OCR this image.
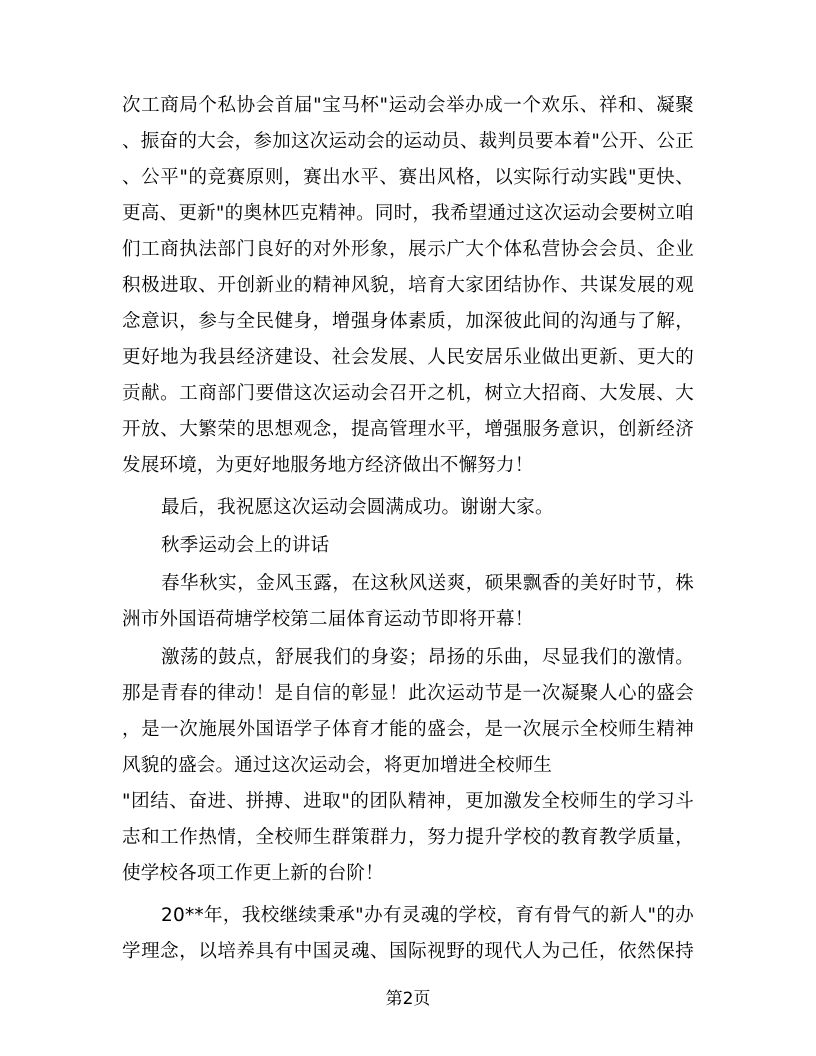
次工商局个私协会首届"宝马杯"运动会举办成一个欢乐、祥和、凝聚
、振奋的大会，参加这次运动会的运动员、裁判员要本着"公开、公正
、公平"的竞赛原则，赛出水平、赛出风格，以实际行动实践"更快、
更高、更新"的奥林匹克精神。同时，我希望通过这次运动会要树立咱
们工商执法部门良好的对外形象，展示广大个体私营协会会员、企业
积极进取、开创新业的精神风貌，培育大家团结协作、共谋发展的观
念意识，参与全民健身，增强身体素质，加深彼此间的沟通与了解，
更好地为我县经济建设、社会发展、人民安居乐业做出更新、更大的
贡献。工商部门要借这次运动会召开之机，树立大招商、大发展、大
开放、大繁荣的思想观念，提高管理水平，增强服务意识，创新经济
发展环境，为更好地服务地方经济做出不懈努力！
最后，我祝愿这次运动会圆满成功。谢谢大家。
秋季运动会上的讲话
春华秋实，金风玉露，在这秋风送爽，硕果飘香的美好时节，株
洲市外国语荷塘学校第二届体育运动节即将开幕！
激荡的鼓点，舒展我们的身姿；昂扬的乐曲，尽显我们的激情。
那是青春的律动！是自信的彰显！此次运动节是一次凝聚人心的盛会
，是一次施展外国语学子体育才能的盛会，是一次展示全校师生精神
风貌的盛会。通过这次运动会，将更加增进全校师生
"团结、奋进、拼搏、进取"的团队精神，更加激发全校师生的学习斗
志和工作热情，全校师生群策群力，努力提升学校的教育教学质量，
使学校各项工作更上新的台阶！
20**年，我校继续秉承"办有灵魂的学校，育有骨气的新人"的办
学理念，以培养具有中国灵魂、国际视野的现代人为己任，依然保持
第2页
